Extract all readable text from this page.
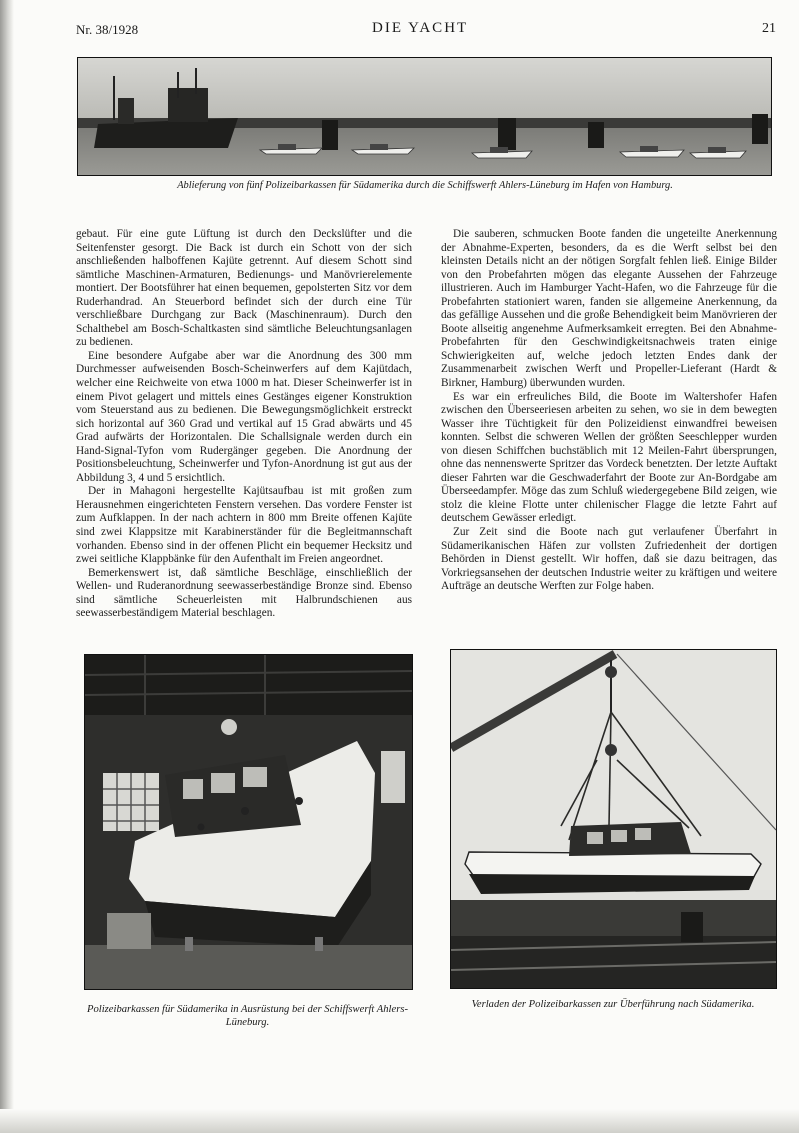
Nr. 38/1928	DIE YACHT	21
Ablieferung von fünf Polizeibarkassen für Südamerika durch die Schiffswerft Ahlers-Lüneburg im Hafen von Hamburg.

gebaut. Für eine gute Lüftung ist durch den Deckslüfter und die Seitenfenster gesorgt. Die Back ist durch ein Schott von der sich anschließenden halboffenen Kajüte getrennt. Auf diesem Schott sind sämtliche Maschinen-Armaturen, Bedienungs- und Manövrierelemente montiert. Der Bootsführer hat einen bequemen, gepolsterten Sitz vor dem Ruderhandrad. An Steuerbord befindet sich der durch eine Tür verschließbare Durchgang zur Back (Maschinenraum). Durch den Schalthebel am Bosch-Schaltkasten sind sämtliche Beleuchtungsanlagen zu bedienen.

Eine besondere Aufgabe aber war die Anordnung des 300 mm Durchmesser aufweisenden Bosch-Scheinwerfers auf dem Kajütdach, welcher eine Reichweite von etwa 1000 m hat. Dieser Scheinwerfer ist in einem Pivot gelagert und mittels eines Gestänges eigener Konstruktion vom Steuerstand aus zu bedienen. Die Bewegungsmöglichkeit erstreckt sich horizontal auf 360 Grad und vertikal auf 15 Grad abwärts und 45 Grad aufwärts der Horizontalen. Die Schallsignale werden durch ein Hand-Signal-Tyfon vom Rudergänger gegeben. Die Anordnung der Positionsbeleuchtung, Scheinwerfer und Tyfon-Anordnung ist gut aus der Abbildung 3, 4 und 5 ersichtlich.

Der in Mahagoni hergestellte Kajütsaufbau ist mit großen zum Herausnehmen eingerichteten Fenstern versehen. Das vordere Fenster ist zum Aufklappen. In der nach achtern in 800 mm Breite offenen Kajüte sind zwei Klappsitze mit Karabinerständer für die Begleitmannschaft vorhanden. Ebenso sind in der offenen Plicht ein bequemer Hecksitz und zwei seitliche Klappbänke für den Aufenthalt im Freien angeordnet.

Bemerkenswert ist, daß sämtliche Beschläge, einschließlich der Wellen- und Ruderanordnung seewasserbeständige Bronze sind. Ebenso sind sämtliche Scheuerleisten mit Halbrundschienen aus seewasserbeständigem Material beschlagen.

Die sauberen, schmucken Boote fanden die ungeteilte Anerkennung der Abnahme-Experten, besonders, da es die Werft selbst bei den kleinsten Details nicht an der nötigen Sorgfalt fehlen ließ. Einige Bilder von den Probefahrten mögen das elegante Aussehen der Fahrzeuge illustrieren. Auch im Hamburger Yacht-Hafen, wo die Fahrzeuge für die Probefahrten stationiert waren, fanden sie allgemeine Anerkennung, da das gefällige Aussehen und die große Behendigkeit beim Manövrieren der Boote allseitig angenehme Aufmerksamkeit erregten. Bei den Abnahme-Probefahrten für den Geschwindigkeitsnachweis traten einige Schwierigkeiten auf, welche jedoch letzten Endes dank der Zusammenarbeit zwischen Werft und Propeller-Lieferant (Hardt & Birkner, Hamburg) überwunden wurden.

Es war ein erfreuliches Bild, die Boote im Waltershofer Hafen zwischen den Überseeriesen arbeiten zu sehen, wo sie in dem bewegten Wasser ihre Tüchtigkeit für den Polizeidienst einwandfrei beweisen konnten. Selbst die schweren Wellen der größten Seeschlepper wurden von diesen Schiffchen buchstäblich mit 12 Meilen-Fahrt übersprungen, ohne das nennenswerte Spritzer das Vordeck benetzten. Der letzte Auftakt dieser Fahrten war die Geschwaderfahrt der Boote zur An-Bordgabe am Überseedampfer. Möge das zum Schluß wiedergegebene Bild zeigen, wie stolz die kleine Flotte unter chilenischer Flagge die letzte Fahrt auf deutschem Gewässer erledigt.

Zur Zeit sind die Boote nach gut verlaufener Überfahrt in Südamerikanischen Häfen zur vollsten Zufriedenheit der dortigen Behörden in Dienst gestellt. Wir hoffen, daß sie dazu beitragen, das Vorkriegsansehen der deutschen Industrie weiter zu kräftigen und weitere Aufträge an deutsche Werften zur Folge haben.

Polizeibarkassen für Südamerika in Ausrüstung bei der Schiffswerft Ahlers-Lüneburg.
Verladen der Polizeibarkassen zur Überführung nach Südamerika.
